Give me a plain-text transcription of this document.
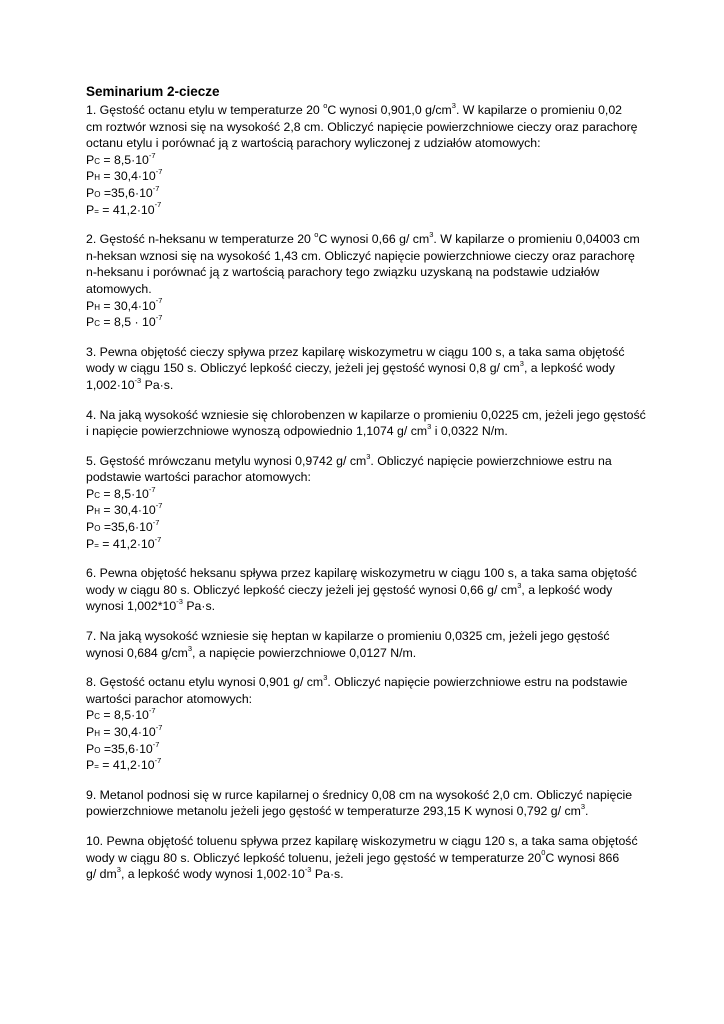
Seminarium 2-ciecze
1. Gęstość octanu etylu w temperaturze 20 $^o$C wynosi 0,901,0 $g/cm^3$. W kapilarze o promieniu 0,02
cm roztwór wznosi się na wysokość 2,8 cm. Obliczyć napięcie powierzchniowe cieczy oraz parachorę
octanu etylu i porównać ją z wartością parachory wyliczonej z udziałów atomowych:
PC = $8,5\cdot 10^{-7}$
PH = $30,4\cdot 10^{-7}$
PO $=35,6\cdot 10^{-7}$
$P= = 41,2\cdot 10^{-7}$
2. Gęstość n-heksanu w temperaturze 20 $^o$C wynosi 0,66 g/ $cm^3$. W kapilarze o promieniu 0,04003 cm
n-heksan wznosi się na wysokość 1,43 cm. Obliczyć napięcie powierzchniowe cieczy oraz parachorę
n-heksanu i porównać ją z wartością parachory tego związku uzyskaną na podstawie udziałów
atomowych.
PH = $30,4\cdot 10^{-7}$
PC = $8,5 \cdot 10^{-7}$
3. Pewna objętość cieczy spływa przez kapilarę wiskozymetru w ciągu 100 s, a taka sama objętość
wody w ciągu 150 s. Obliczyć lepkość cieczy, jeżeli jej gęstość wynosi 0,8 g/ $cm^3$, a lepkość wody
$1,002\cdot 10^{-3}$ Pa·s.
4. Na jaką wysokość wzniesie się chlorobenzen w kapilarze o promieniu 0,0225 cm, jeżeli jego gęstość
i napięcie powierzchniowe wynoszą odpowiednio 1,1074 g/ $cm^3$ i 0,0322 N/m.
5. Gęstość mrówczanu metylu wynosi 0,9742 g/ $cm^3$. Obliczyć napięcie powierzchniowe estru na
podstawie wartości parachor atomowych:
PC = $8,5\cdot 10^{-7}$
PH = $30,4\cdot 10^{-7}$
PO $=35,6\cdot 10^{-7}$
$P= = 41,2\cdot 10^{-7}$
6. Pewna objętość heksanu spływa przez kapilarę wiskozymetru w ciągu 100 s, a taka sama objętość
wody w ciągu 80 s. Obliczyć lepkość cieczy jeżeli jej gęstość wynosi 0,66 g/ $cm^3$, a lepkość wody
wynosi $1,002*10^{-3}$ Pa·s.
7. Na jaką wysokość wzniesie się heptan w kapilarze o promieniu 0,0325 cm, jeżeli jego gęstość
wynosi 0,684 $g/cm^3$, a napięcie powierzchniowe 0,0127 N/m.
8. Gęstość octanu etylu wynosi 0,901 g/ $cm^3$. Obliczyć napięcie powierzchniowe estru na podstawie
wartości parachor atomowych:
PC = $8,5\cdot 10^{-7}$
PH = $30,4\cdot 10^{-7}$
PO $=35,6\cdot 10^{-7}$
$P= = 41,2\cdot 10^{-7}$
9. Metanol podnosi się w rurce kapilarnej o średnicy 0,08 cm na wysokość 2,0 cm. Obliczyć napięcie
powierzchniowe metanolu jeżeli jego gęstość w temperaturze 293,15 K wynosi 0,792 g/ $cm^3$.
10. Pewna objętość toluenu spływa przez kapilarę wiskozymetru w ciągu 120 s, a taka sama objętość
wody w ciągu 80 s. Obliczyć lepkość toluenu, jeżeli jego gęstość w temperaturze $20^0C$ wynosi 866
g/ $dm^3$, a lepkość wody wynosi $1,002\cdot 10^{-3}$ Pa·s.
